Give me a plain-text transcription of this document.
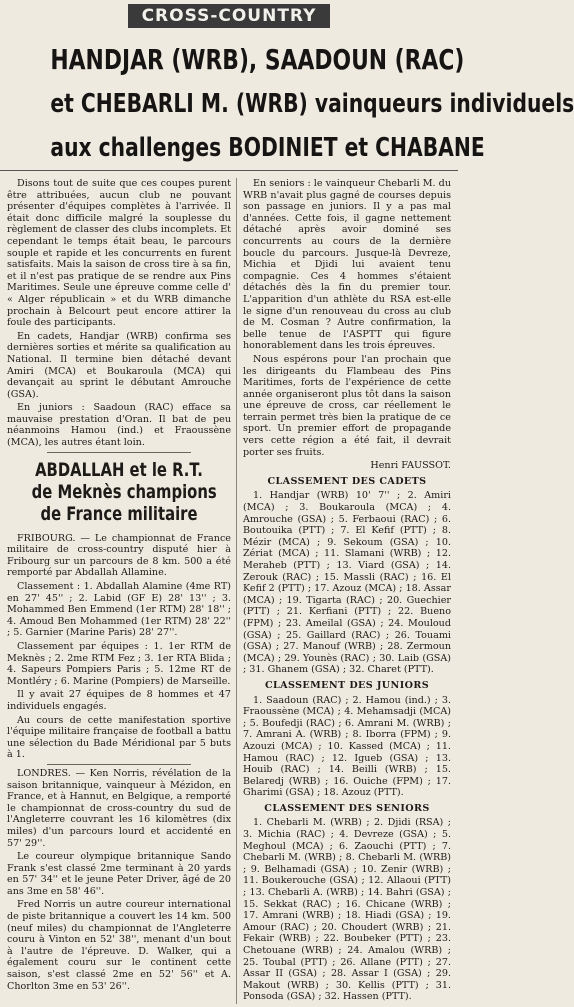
CROSS-COUNTRY
HANDJAR (WRB), SAADOUN (RAC)
et CHEBARLI M. (WRB) vainqueurs individuels
aux challenges BODINIET et CHABANE

Disons tout de suite que ces coupes purent être attribuées, aucun club ne pouvant présenter d'équipes complètes à l'arrivée. Il était donc difficile malgré la souplesse du règlement de classer des clubs incomplets. Et cependant le temps était beau, le parcours souple et rapide et les concurrents en furent satisfaits. Mais la saison de cross tire à sa fin, et il n'est pas pratique de se rendre aux Pins Maritimes. Seule une épreuve comme celle d' « Alger républicain » et du WRB dimanche prochain à Belcourt peut encore attirer la foule des participants.

En cadets, Handjar (WRB) confirma ses dernières sorties et mérite sa qualification au National. Il termine bien détaché devant Amiri (MCA) et Boukaroula (MCA) qui devançait au sprint le débutant Amrouche (GSA).

En juniors : Saadoun (RAC) efface sa mauvaise prestation d'Oran. Il bat de peu néanmoins Hamou (ind.) et Fraoussène (MCA), les autres étant loin.

ABDALLAH et le R.T.
de Meknès champions
de France militaire

FRIBOURG. — Le championnat de France militaire de cross-country disputé hier à Fribourg sur un parcours de 8 km. 500 a été remporté par Abdallah Allamine.

Classement : 1. Abdallah Alamine (4me RT) en 27' 45'' ; 2. Labid (GF E) 28' 13'' ; 3. Mohammed Ben Emmend (1er RTM) 28' 18'' ; 4. Amoud Ben Mohammed (1er RTM) 28' 22'' ; 5. Garnier (Marine Paris) 28' 27''.

Classement par équipes : 1. 1er RTM de Meknès ; 2. 2me RTM Fez ; 3. 1er RTA Blida ; 4. Sapeurs Pompiers Paris ; 5. 12me RT de Montléry ; 6. Marine (Pompiers) de Marseille.

Il y avait 27 équipes de 8 hommes et 47 individuels engagés.

Au cours de cette manifestation sportive l'équipe militaire française de football a battu une sélection du Bade Méridional par 5 buts à 1.

LONDRES. — Ken Norris, révélation de la saison britannique, vainqueur à Mézidon, en France, et à Hannut, en Belgique, a remporté le championnat de cross-country du sud de l'Angleterre couvrant les 16 kilomètres (dix miles) d'un parcours lourd et accidenté en 57' 29''.

Le coureur olympique britannique Sando Frank s'est classé 2me terminant à 20 yards en 57' 34'' et le jeune Peter Driver, âgé de 20 ans 3me en 58' 46''.

Fred Norris un autre coureur international de piste britannique a couvert les 14 km. 500 (neuf miles) du championnat de l'Angleterre couru à Vinton en 52' 38'', menant d'un bout à l'autre de l'épreuve. D. Walker, qui a également couru sur le continent cette saison, s'est classé 2me en 52' 56'' et A. Chorlton 3me en 53' 26''.

En seniors : le vainqueur Chebarli M. du WRB n'avait plus gagné de courses depuis son passage en juniors. Il y a pas mal d'années. Cette fois, il gagne nettement détaché après avoir dominé ses concurrents au cours de la dernière boucle du parcours. Jusque-là Devreze, Michia et Djidi lui avaient tenu compagnie. Ces 4 hommes s'étaient détachés dès la fin du premier tour. L'apparition d'un athlète du RSA est-elle le signe d'un renouveau du cross au club de M. Cosman ? Autre confirmation, la belle tenue de l'ASPTT qui figure honorablement dans les trois épreuves.

Nous espérons pour l'an prochain que les dirigeants du Flambeau des Pins Maritimes, forts de l'expérience de cette année organiseront plus tôt dans la saison une épreuve de cross, car réellement le terrain permet très bien la pratique de ce sport. Un premier effort de propagande vers cette région a été fait, il devrait porter ses fruits.

Henri FAUSSOT.

CLASSEMENT DES CADETS

1. Handjar (WRB) 10' 7'' ; 2. Amiri (MCA) ; 3. Boukaroula (MCA) ; 4. Amrouche (GSA) ; 5. Ferbaoui (RAC) ; 6. Boutouika (PTT) ; 7. El Kefif (PTT) ; 8. Mézir (MCA) ; 9. Sekoum (GSA) ; 10. Zériat (MCA) ; 11. Slamani (WRB) ; 12. Meraheb (PTT) ; 13. Viard (GSA) ; 14. Zerouk (RAC) ; 15. Massli (RAC) ; 16. El Kefif 2 (PTT) ; 17. Azouz (MCA) ; 18. Assar (MCA) ; 19. Tigarta (RAC) ; 20. Guechier (PTT) ; 21. Kerfiani (PTT) ; 22. Bueno (FPM) ; 23. Ameilal (GSA) ; 24. Mouloud (GSA) ; 25. Gaillard (RAC) ; 26. Touami (GSA) ; 27. Manouf (WRB) ; 28. Zermoun (MCA) ; 29. Younès (RAC) ; 30. Laib (GSA) ; 31. Ghanem (GSA) ; 32. Charet (PTT).

CLASSEMENT DES JUNIORS

1. Saadoun (RAC) ; 2. Hamou (ind.) ; 3. Fraoussène (MCA) ; 4. Mehamsadji (MCA) ; 5. Boufedji (RAC) ; 6. Amrani M. (WRB) ; 7. Amrani A. (WRB) ; 8. Iborra (FPM) ; 9. Azouzi (MCA) ; 10. Kassed (MCA) ; 11. Hamou (RAC) ; 12. Igueb (GSA) ; 13. Houib (RAC) ; 14. Beilli (WRB) ; 15. Belaredj (WRB) ; 16. Ouiche (FPM) ; 17. Gharimi (GSA) ; 18. Azouz (PTT).

CLASSEMENT DES SENIORS

1. Chebarli M. (WRB) ; 2. Djidi (RSA) ; 3. Michia (RAC) ; 4. Devreze (GSA) ; 5. Meghoul (MCA) ; 6. Zaouchi (PTT) ; 7. Chebarli M. (WRB) ; 8. Chebarli M. (WRB) ; 9. Belhamadi (GSA) ; 10. Zenir (WRB) ; 11. Boukerouche (GSA) ; 12. Allaoui (PTT) ; 13. Chebarli A. (WRB) ; 14. Bahri (GSA) ; 15. Sekkat (RAC) ; 16. Chicane (WRB) ; 17. Amrani (WRB) ; 18. Hiadi (GSA) ; 19. Amour (RAC) ; 20. Choudert (WRB) ; 21. Fekair (WRB) ; 22. Boubeker (PTT) ; 23. Chetouane (WRB) ; 24. Amalou (WRB) ; 25. Toubal (PTT) ; 26. Allane (PTT) ; 27. Assar II (GSA) ; 28. Assar I (GSA) ; 29. Makout (WRB) ; 30. Kellis (PTT) ; 31. Ponsoda (GSA) ; 32. Hassen (PTT).
